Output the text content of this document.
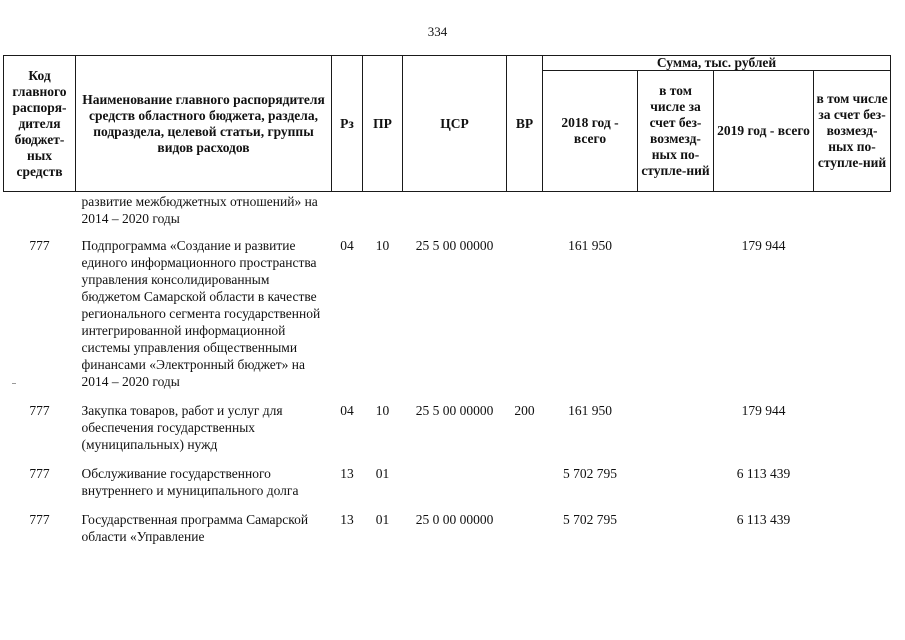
334
Код главного распоря-дителя бюджет-ных средств	Наименование главного распорядителя средств областного бюджета, раздела, подраздела, целевой статьи, группы видов расходов	Рз	ПР	ЦСР	ВР	Сумма, тыс. рублей			
						2018 год - всего	в том числе за счет без-возмезд-ных по-ступле-ний	2019 год - всего	в том числе за счет без-возмезд-ных по-ступле-ний
	развитие межбюджетных отношений» на 2014 – 2020 годы								
777	Подпрограмма «Создание и развитие единого информационного пространства управления консолидированным бюджетом Самарской области в качестве регионального сегмента государственной интегрированной информационной системы управления общественными финансами «Электронный бюджет» на 2014 – 2020 годы	04	10	25 5 00 00000		161 950		179 944	
777	Закупка товаров, работ и услуг для обеспечения государственных (муниципальных) нужд	04	10	25 5 00 00000	200	161 950		179 944	
777	Обслуживание государственного внутреннего и муниципального долга	13	01			5 702 795		6 113 439	
777	Государственная программа Самарской области «Управление	13	01	25 0 00 00000		5 702 795		6 113 439	
